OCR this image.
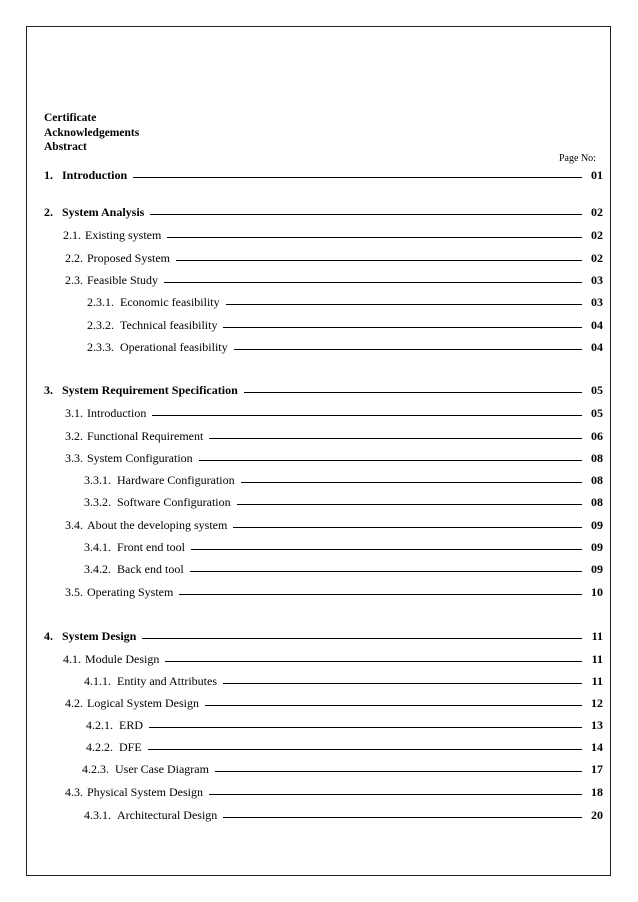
Certificate
Acknowledgements
Abstract
Page No:
1. Introduction	01
2. System Analysis	02
2.1. Existing system	02
2.2. Proposed System	02
2.3. Feasible Study	03
2.3.1. Economic feasibility	03
2.3.2. Technical feasibility	04
2.3.3. Operational feasibility	04
3. System Requirement Specification	05
3.1. Introduction	05
3.2. Functional Requirement	06
3.3. System Configuration	08
3.3.1. Hardware Configuration	08
3.3.2. Software Configuration	08
3.4. About the developing system	09
3.4.1. Front end tool	09
3.4.2. Back end tool	09
3.5. Operating System	10
4. System Design	11
4.1. Module Design	11
4.1.1. Entity and Attributes	11
4.2. Logical System Design	12
4.2.1. ERD	13
4.2.2. DFE	14
4.2.3. User Case Diagram	17
4.3. Physical System Design	18
4.3.1. Architectural Design	20
